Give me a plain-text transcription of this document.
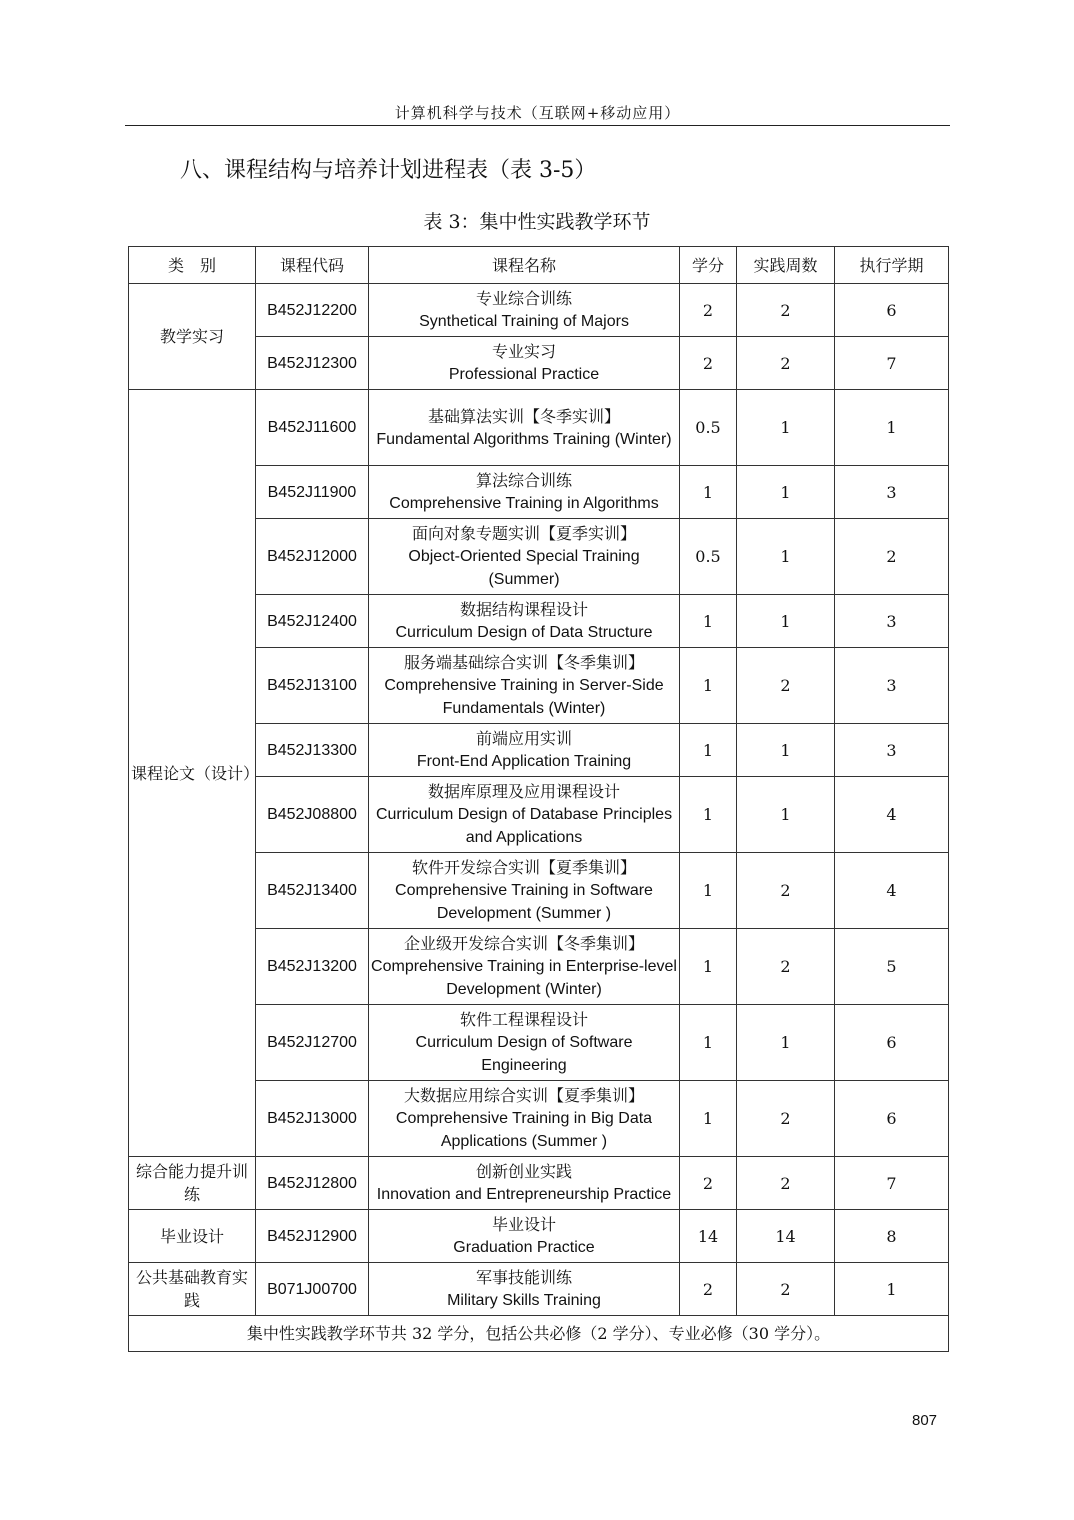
计算机科学与技术（互联网+移动应用）
八、课程结构与培养计划进程表（表 3-5）
表 3：集中性实践教学环节
类　别	课程代码	课程名称	学分	实践周数	执行学期
教学实习	B452J12200	专业综合训练
Synthetical Training of Majors	2	2	6
	B452J12300	专业实习
Professional Practice	2	2	7
课程论文（设计）	B452J11600	基础算法实训【冬季实训】
Fundamental Algorithms Training (Winter)	0.5	1	1
	B452J11900	算法综合训练
Comprehensive Training in Algorithms	1	1	3
	B452J12000	面向对象专题实训【夏季实训】
Object-Oriented Special Training (Summer)	0.5	1	2
	B452J12400	数据结构课程设计
Curriculum Design of Data Structure	1	1	3
	B452J13100	服务端基础综合实训【冬季集训】
Comprehensive Training in Server-Side Fundamentals (Winter)	1	2	3
	B452J13300	前端应用实训
Front-End Application Training	1	1	3
	B452J08800	数据库原理及应用课程设计
Curriculum Design of Database Principles and Applications	1	1	4
	B452J13400	软件开发综合实训【夏季集训】
Comprehensive Training in Software Development (Summer )	1	2	4
	B452J13200	企业级开发综合实训【冬季集训】
Comprehensive Training in Enterprise-level Development (Winter)	1	2	5
	B452J12700	软件工程课程设计
Curriculum Design of Software Engineering	1	1	6
	B452J13000	大数据应用综合实训【夏季集训】
Comprehensive Training in Big Data Applications (Summer )	1	2	6
综合能力提升训练	B452J12800	创新创业实践
Innovation and Entrepreneurship Practice	2	2	7
毕业设计	B452J12900	毕业设计
Graduation Practice	14	14	8
公共基础教育实践	B071J00700	军事技能训练
Military Skills Training	2	2	1
集中性实践教学环节共 32 学分，包括公共必修（2 学分）、专业必修（30 学分）。					
807
